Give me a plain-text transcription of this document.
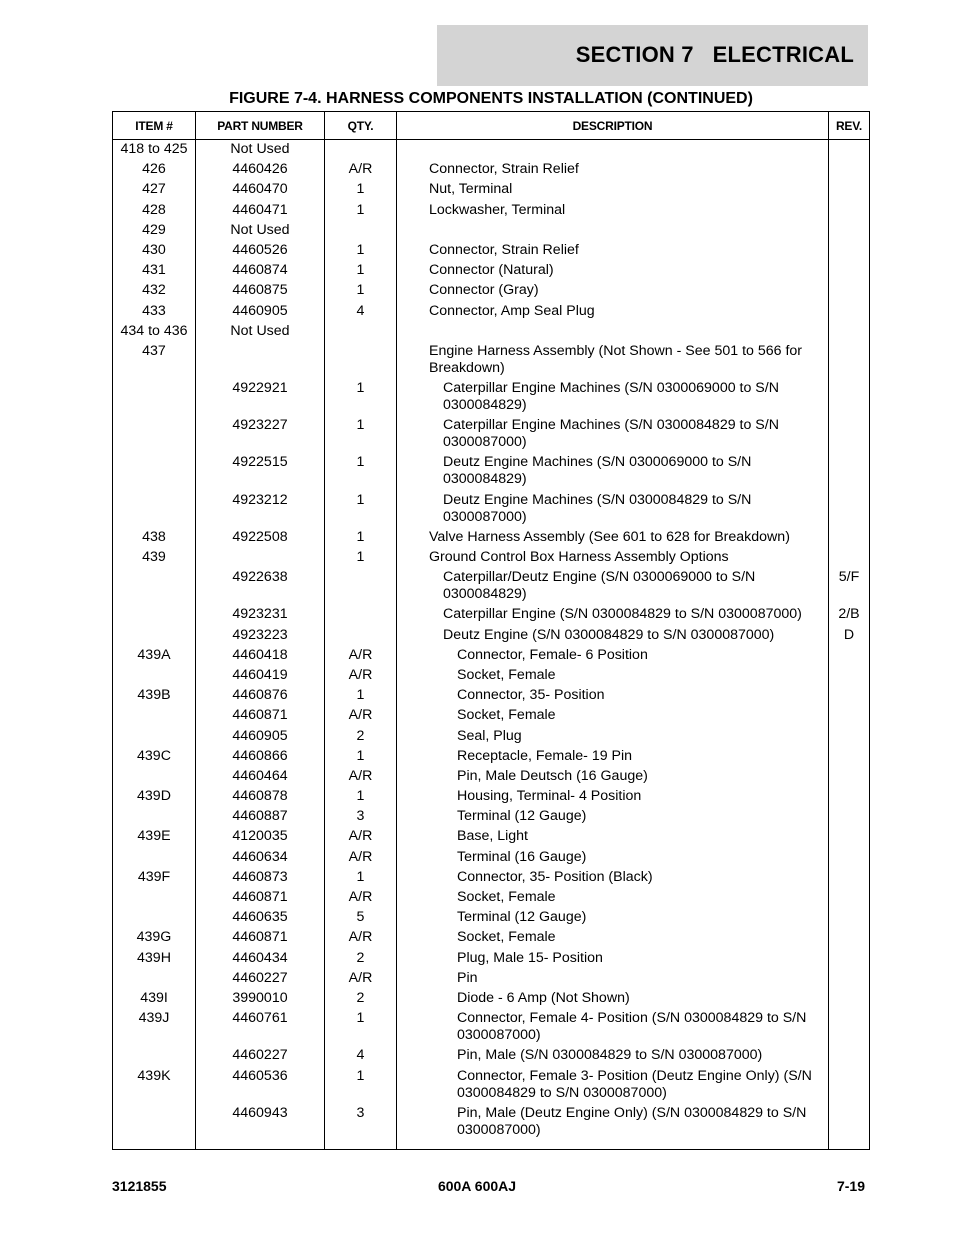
SECTION 7   ELECTRICAL
FIGURE 7-4. HARNESS COMPONENTS INSTALLATION (CONTINUED)
ITEM #	PART NUMBER	QTY.	DESCRIPTION	REV.
418 to 425	Not Used			
426	4460426	A/R	Connector, Strain Relief	
427	4460470	1	Nut, Terminal	
428	4460471	1	Lockwasher, Terminal	
429	Not Used			
430	4460526	1	Connector, Strain Relief	
431	4460874	1	Connector (Natural)	
432	4460875	1	Connector (Gray)	
433	4460905	4	Connector, Amp Seal Plug	
434 to 436	Not Used			
437			Engine Harness Assembly (Not Shown - See 501 to 566 for Breakdown)	
	4922921	1	Caterpillar Engine Machines (S/N 0300069000 to S/N 0300084829)	
	4923227	1	Caterpillar Engine Machines (S/N 0300084829 to S/N 0300087000)	
	4922515	1	Deutz Engine Machines (S/N 0300069000 to S/N 0300084829)	
	4923212	1	Deutz Engine Machines (S/N 0300084829 to S/N 0300087000)	
438	4922508	1	Valve Harness Assembly (See 601 to 628 for Breakdown)	
439		1	Ground Control Box Harness Assembly Options	
	4922638		Caterpillar/Deutz Engine (S/N 0300069000 to S/N 0300084829)	5/F
	4923231		Caterpillar Engine (S/N 0300084829 to S/N 0300087000)	2/B
	4923223		Deutz Engine (S/N 0300084829 to S/N 0300087000)	D
439A	4460418	A/R	Connector, Female- 6 Position	
	4460419	A/R	Socket, Female	
439B	4460876	1	Connector, 35- Position	
	4460871	A/R	Socket, Female	
	4460905	2	Seal, Plug	
439C	4460866	1	Receptacle, Female- 19 Pin	
	4460464	A/R	Pin, Male Deutsch (16 Gauge)	
439D	4460878	1	Housing, Terminal- 4 Position	
	4460887	3	Terminal (12 Gauge)	
439E	4120035	A/R	Base, Light	
	4460634	A/R	Terminal (16 Gauge)	
439F	4460873	1	Connector, 35- Position (Black)	
	4460871	A/R	Socket, Female	
	4460635	5	Terminal (12 Gauge)	
439G	4460871	A/R	Socket, Female	
439H	4460434	2	Plug, Male 15- Position	
	4460227	A/R	Pin	
439I	3990010	2	Diode - 6 Amp (Not Shown)	
439J	4460761	1	Connector, Female 4- Position (S/N 0300084829 to S/N 0300087000)	
	4460227	4	Pin, Male (S/N 0300084829 to S/N 0300087000)	
439K	4460536	1	Connector, Female 3- Position (Deutz Engine Only) (S/N 0300084829 to S/N 0300087000)	
	4460943	3	Pin, Male (Deutz Engine Only) (S/N 0300084829 to S/N 0300087000)	
3121855	600A 600AJ	7-19
